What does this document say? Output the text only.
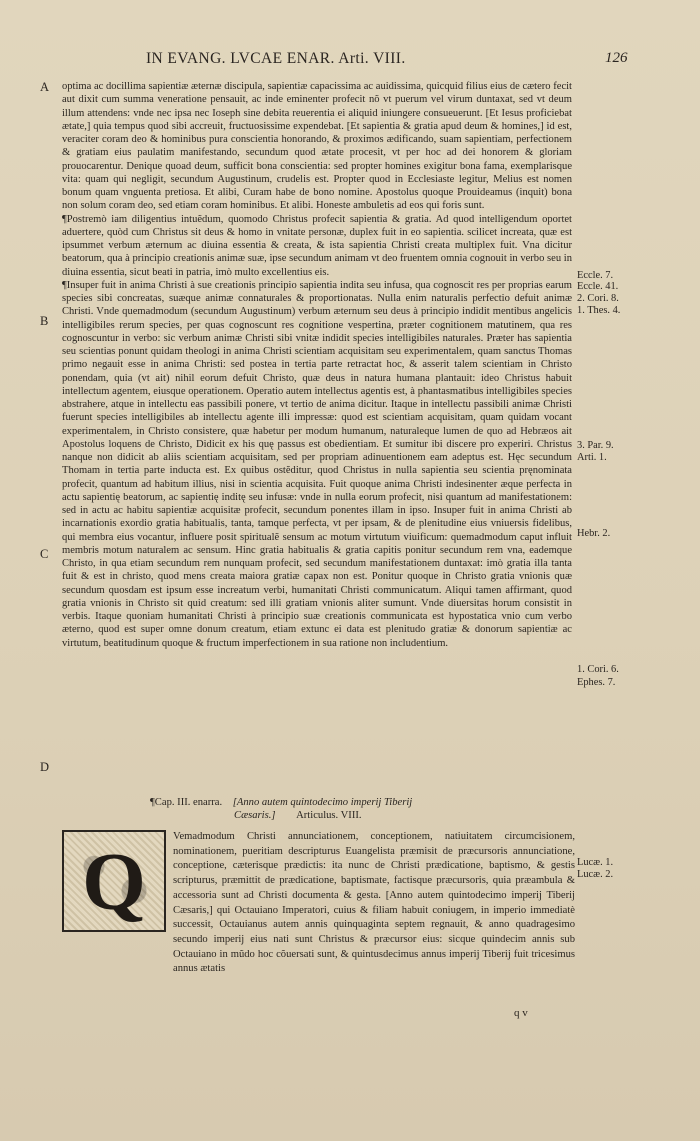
IN EVANG. LVCAE ENAR. Arti. VIII.	126
A
B
C
D

optima ac docillima sapientiæ æternæ discipula, sapientiæ capacissima ac auidissima, quicquid filius eius de cætero fecit aut dixit cum summa veneratione pensauit, ac inde eminenter profecit nõ vt puerum vel virum duntaxat, sed vt deum illum attendens: vnde nec ipsa nec Ioseph sine debita reuerentia ei aliquid iniungere consueuerunt. [Et Iesus proficiebat ætate,] quia tempus quod sibi accreuit, fructuosissime expendebat. [Et sapientia & gratia apud deum & homines,] id est, veraciter coram deo & hominibus pura conscientia honorando, & proximos ædificando, suam sapientiam, perfectionem & gratiam eius paulatim manifestando, secundum quod ætate procesit, vt per hoc ad dei honorem & gloriam prouocarentur. Denique quoad deum, sufficit bona conscientia: sed propter homines exigitur bona fama, exemplarisque vita: quam qui negligit, secundum Augustinum, crudelis est. Propter quod in Ecclesiaste legitur, Melius est nomen bonum quam vnguenta pretiosa. Et alibi, Curam habe de bono nomine. Apostolus quoque Prouideamus (inquit) bona non solum coram deo, sed etiam coram hominibus. Et alibi. Honeste ambuletis ad eos qui foris sunt.

¶Postremò iam diligentius intuẽdum, quomodo Christus profecit sapientia & gratia. Ad quod intelligendum oportet aduertere, quòd cum Christus sit deus & homo in vnitate personæ, duplex fuit in eo sapientia. scilicet increata, quæ est ipsummet verbum æternum ac diuina essentia & creata, & ista sapientia Christi creata multiplex fuit. Vna dicitur beatorum, qua à principio creationis animæ suæ, ipse secundum animam vt deo fruentem omnia cognouit in verbo seu in diuina essentia, sicut beati in patria, imò multo excellentius eis.

¶Insuper fuit in anima Christi à sue creationis principio sapientia indita seu infusa, qua cognoscit res per proprias earum species sibi concreatas, suæque animæ connaturales & proportionatas. Nulla enim naturalis perfectio defuit animæ Christi. Vnde quemadmodum (secundum Augustinum) verbum æternum seu deus à principio indidit mentibus angelicis intelligibiles rerum species, per quas cognoscunt res cognitione vespertina, præter cognitionem matutinem, qua res cognoscuntur in verbo: sic verbum animæ Christi sibi vnitæ indidit species intelligibiles naturales. Præter has sapientia seu scientias ponunt quidam theologi in anima Christi scientiam acquisitam seu experimentalem, quam sanctus Thomas primo negauit esse in anima Christi: sed postea in tertia parte retractat hoc, & asserit talem scientiam in Christo ponendam, quia (vt ait) nihil eorum defuit Christo, quæ deus in natura humana plantauit: ideo Christus habuit intellectum agentem, eiusque operationem. Operatio autem intellectus agentis est, à phantasmatibus intelligibiles species abstrahere, atque in intellectu eas passibili ponere, vt tertio de anima dicitur. Itaque in intellectu passibili animæ Christi fuerunt species intelligibiles ab intellectu agente illi impressæ: quod est scientiam acquisitam, quam quidam vocant experimentalem, in Christo consistere, quæ habetur per modum humanum, naturaleque lumen de quo ad Hebræos ait Apostolus loquens de Christo, Didicit ex his quę passus est obedientiam. Et sumitur ibi discere pro experiri. Christus nanque non didicit ab aliis scientiam acquisitam, sed per propriam adinuentionem eam adeptus est. Hęc secundum Thomam in tertia parte inducta est. Ex quibus ostĕditur, quod Christus in nulla sapientia seu scientia pręnominata profecit, quantum ad habitum illius, nisi in scientia acquisita. Fuit quoque anima Christi indesinenter æque perfecta in actu sapientię beatorum, ac sapientię inditę seu infusæ: vnde in nulla eorum profecit, nisi quantum ad manifestationem: sed in actu ac habitu sapientiæ acquisitæ profecit, secundum ponentes illam in ipso. Insuper fuit in anima Christi ab incarnationis exordio gratia habitualis, tanta, tamque perfecta, vt per ipsam, & de plenitudine eius vniuersis fidelibus, qui membra eius vocantur, influere posit spiritualẽ sensum ac motum virtutum viuificum: quemadmodum caput influit membris motum naturalem ac sensum. Hinc gratia habitualis & gratia capitis ponitur secundum rem vna, eademque Christo, in qua etiam secundum rem nunquam profecit, sed secundum manifestationem duntaxat: imò gratia illa tanta fuit & est in christo, quod mens creata maiora gratiæ capax non est. Ponitur quoque in Christo gratia vnionis quæ secundum quosdam est ipsum esse increatum verbi, humanitati Christi communicatum. Aliqui tamen affirmant, quod gratia vnionis in Christo sit quid creatum: sed illi gratiam vnionis aliter sumunt. Vnde diuersitas horum consistit in verbis. Itaque quoniam humanitati Christi à principio suæ creationis communicata est hypostatica vnio cum verbo æterno, quod est super omne donum creatum, etiam extunc ei data est plenitudo gratiæ & donorum sapientiæ ac virtutum, beatitudinum quoque & fructum imperfectionem in sua ratione non includentium.

Eccle. 7.
Eccle. 41.
2. Cori. 8.
1. Thes. 4.
3. Par. 9.
Arti. 1.
Hebr. 2.
1. Cori. 6.
Ephes. 7.
¶Cap. III. enarra. [Anno autem quintodecimo imperij Tiberij
Cæsaris.] Articulus. VIII.
Q	Vemadmodum Christi annunciationem, conceptionem, natiuitatem circumcisionem, nominationem, pueritiam descripturus Euangelista præmisit de præcursoris annunciatione, conceptione, cæterisque prædictis: ita nunc de Christi prædicatione, baptismo, & gestis scripturus, præmittit de prædicatione, baptismate, factisque præcursoris, quia præambula & accessoria sunt ad Christi documenta & gesta. [Anno autem quintodecimo imperij Tiberij Cæsaris,] qui Octauiano Imperatori, cuius & filiam habuit coniugem, in imperio immediatè successit, Octauianus autem annis quinquaginta septem regnauit, & anno quadragesimo secundo imperij eius nati sunt Christus & præcursor eius: sicque quindecim annis sub Octauiano in mũdo hoc cõuersati sunt, & quintusdecimus annus imperij Tiberij fuit tricesimus annus ætatis

Lucæ. 1.
Lucæ. 2.
q v
